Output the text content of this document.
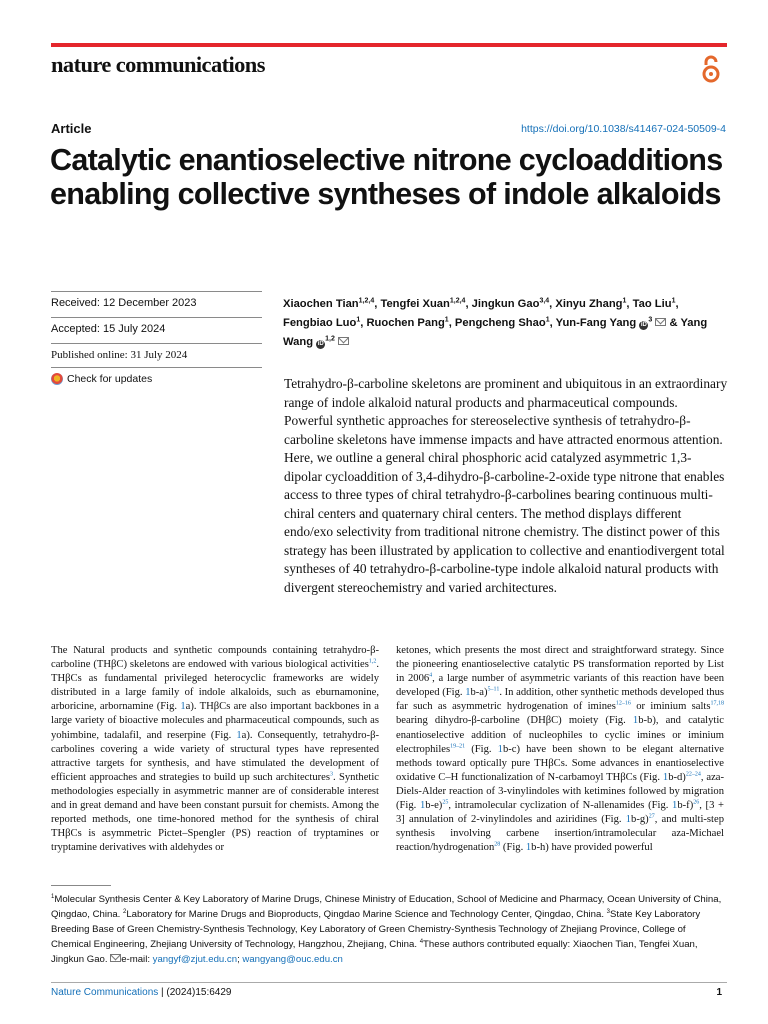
nature communications
Article	https://doi.org/10.1038/s41467-024-50509-4
Catalytic enantioselective nitrone cycloadditions enabling collective syntheses of indole alkaloids
Received: 12 December 2023
Accepted: 15 July 2024
Published online: 31 July 2024
Check for updates
Xiaochen Tian$^{1,2,4}$, Tengfei Xuan$^{1,2,4}$, Jingkun Gao$^{3,4}$, Xinyu Zhang$^1$, Tao Liu$^1$, Fengbiao Luo$^1$, Ruochen Pang$^1$, Pengcheng Shao$^1$, Yun-Fang Yang $iD^3$  & Yang Wang iD$^{1,2}$

Tetrahydro-β-carboline skeletons are prominent and ubiquitous in an extraordinary range of indole alkaloid natural products and pharmaceutical compounds. Powerful synthetic approaches for stereoselective synthesis of tetrahydro-β-carboline skeletons have immense impacts and have attracted enormous attention. Here, we outline a general chiral phosphoric acid catalyzed asymmetric 1,3-dipolar cycloaddition of 3,4-dihydro-β-carboline-2-oxide type nitrone that enables access to three types of chiral tetrahydro-β-carbolines bearing continuous multi-chiral centers and quaternary chiral centers. The method displays different endo/exo selectivity from traditional nitrone chemistry. The distinct power of this strategy has been illustrated by application to collective and enantiodivergent total syntheses of 40 tetrahydro-β-carboline-type indole alkaloid natural products with divergent stereochemistry and varied architectures.

The Natural products and synthetic compounds containing tetrahydro-β-carboline (THβC) skeletons are endowed with various biological activities$^{1,2}$. THβCs as fundamental privileged heterocyclic frameworks are widely distributed in a large family of indole alkaloids, such as eburnamonine, arboricine, arbornamine (Fig. 1a). THβCs are also important backbones in a large variety of bioactive molecules and pharmaceutical compounds, such as yohimbine, tadalafil, and reserpine (Fig. 1a). Consequently, tetrahydro-β-carbolines covering a wide variety of structural types have represented attractive targets for synthesis, and have stimulated the development of efficient approaches and strategies to build up such architectures$^3$. Synthetic methodologies especially in asymmetric manner are of considerable interest and in great demand and have been constant pursuit for chemists. Among the reported methods, one time-honored method for the synthesis of chiral THβCs is asymmetric Pictet–Spengler (PS) reaction of tryptamines or tryptamine derivatives with aldehydes or
ketones, which presents the most direct and straightforward strategy. Since the pioneering enantioselective catalytic PS transformation reported by List in 2006$^4$, a large number of asymmetric variants of this reaction have been developed (Fig. 1b-a)$^{5-11}$. In addition, other synthetic methods developed thus far such as asymmetric hydrogenation of imines$^{12-16}$ or iminium salts$^{17,18}$ bearing dihydro-β-carboline (DHβC) moiety (Fig. 1b-b), and catalytic enantioselective addition of nucleophiles to cyclic imines or iminium electrophiles$^{19-21}$ (Fig. 1b-c) have been shown to be elegant alternative methods toward optically pure THβCs. Some advances in enantioselective oxidative C–H functionalization of N-carbamoyl THβCs (Fig. 1b-d)$^{22-24}$, aza-Diels-Alder reaction of 3-vinylindoles with ketimines followed by migration (Fig. 1b-e)$^{25}$, intramolecular cyclization of N-allenamides (Fig. 1b-f)$^{26}$, [3 + 3] annulation of 2-vinylindoles and aziridines (Fig. 1b-g)$^{27}$, and multi-step synthesis involving carbene insertion/intramolecular aza-Michael reaction/hydrogenation$^{28}$ (Fig. 1b-h) have provided powerful
$^1$Molecular Synthesis Center & Key Laboratory of Marine Drugs, Chinese Ministry of Education, School of Medicine and Pharmacy, Ocean University of China, Qingdao, China. $^2$Laboratory for Marine Drugs and Bioproducts, Qingdao Marine Science and Technology Center, Qingdao, China. $^3$State Key Laboratory Breeding Base of Green Chemistry-Synthesis Technology, Key Laboratory of Green Chemistry-Synthesis Technology of Zhejiang Province, College of Chemical Engineering, Zhejiang University of Technology, Hangzhou, Zhejiang, China. $^4$These authors contributed equally: Xiaochen Tian, Tengfei Xuan, Jingkun Gao. e-mail: yangyf@zjut.edu.cn; wangyang@ouc.edu.cn
Nature Communications | (2024)15:6429	1
